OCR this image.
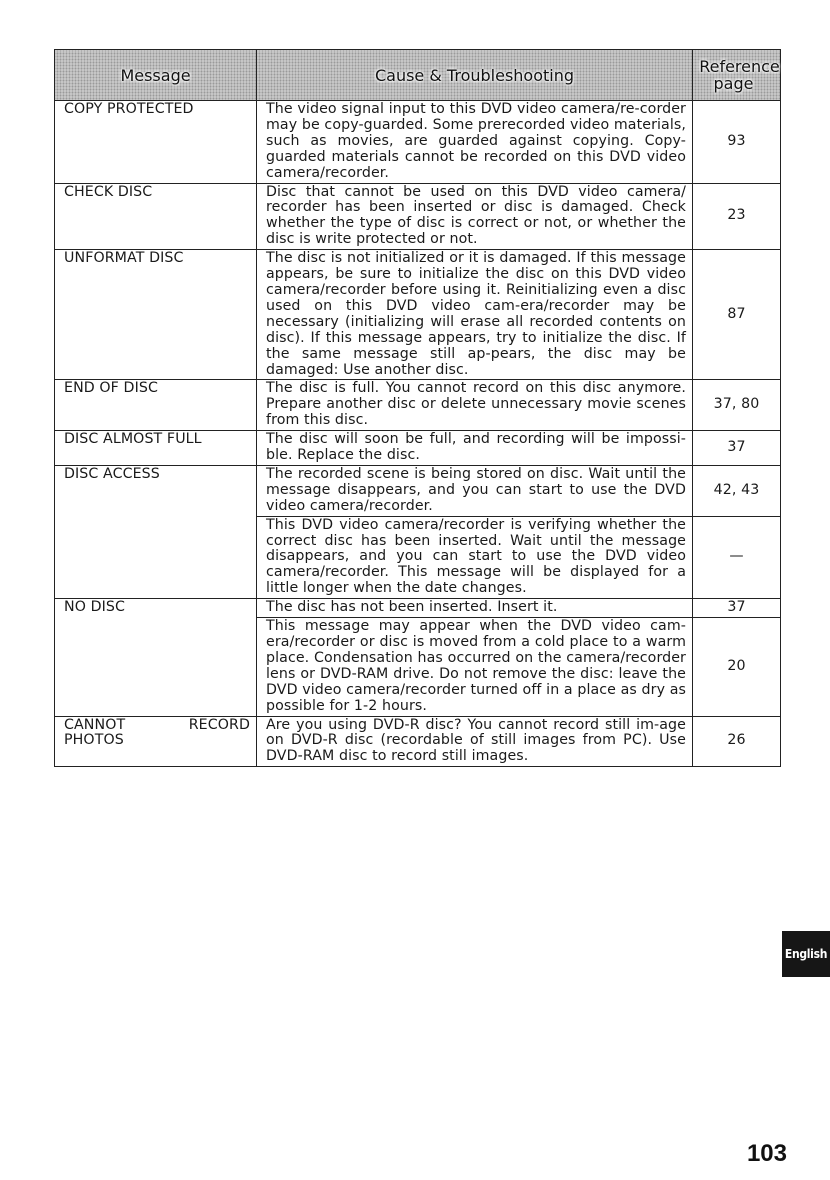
Message	Cause & Troubleshooting	Reference page
COPY PROTECTED	The video signal input to this DVD video camera/re-corder may be copy-guarded. Some prerecorded video materials, such as movies, are guarded against copying. Copy-guarded materials cannot be recorded on this DVD video camera/recorder.	93
CHECK DISC	Disc that cannot be used on this DVD video camera/ recorder has been inserted or disc is damaged. Check whether the type of disc is correct or not, or whether the disc is write protected or not.	23
UNFORMAT DISC	The disc is not initialized or it is damaged. If this message appears, be sure to initialize the disc on this DVD video camera/recorder before using it. Reinitializing even a disc used on this DVD video cam-era/recorder may be necessary (initializing will erase all recorded contents on disc). If this message appears, try to initialize the disc. If the same message still ap-pears, the disc may be damaged: Use another disc.	87
END OF DISC	The disc is full. You cannot record on this disc anymore. Prepare another disc or delete unnecessary movie scenes from this disc.	37, 80
DISC ALMOST FULL	The disc will soon be full, and recording will be impossi-ble. Replace the disc.	37
DISC ACCESS	The recorded scene is being stored on disc. Wait until the message disappears, and you can start to use the DVD video camera/recorder.	42, 43
	This DVD video camera/recorder is verifying whether the correct disc has been inserted. Wait until the message disappears, and you can start to use the DVD video camera/recorder. This message will be displayed for a little longer when the date changes.	—
NO DISC	The disc has not been inserted. Insert it.	37
	This message may appear when the DVD video cam-era/recorder or disc is moved from a cold place to a warm place. Condensation has occurred on the camera/recorder lens or DVD-RAM drive. Do not remove the disc: leave the DVD video camera/recorder turned off in a place as dry as possible for 1-2 hours.	20
CANNOT RECORD PHOTOS	Are you using DVD-R disc? You cannot record still im-age on DVD-R disc (recordable of still images from PC). Use DVD-RAM disc to record still images.	26
English
103
